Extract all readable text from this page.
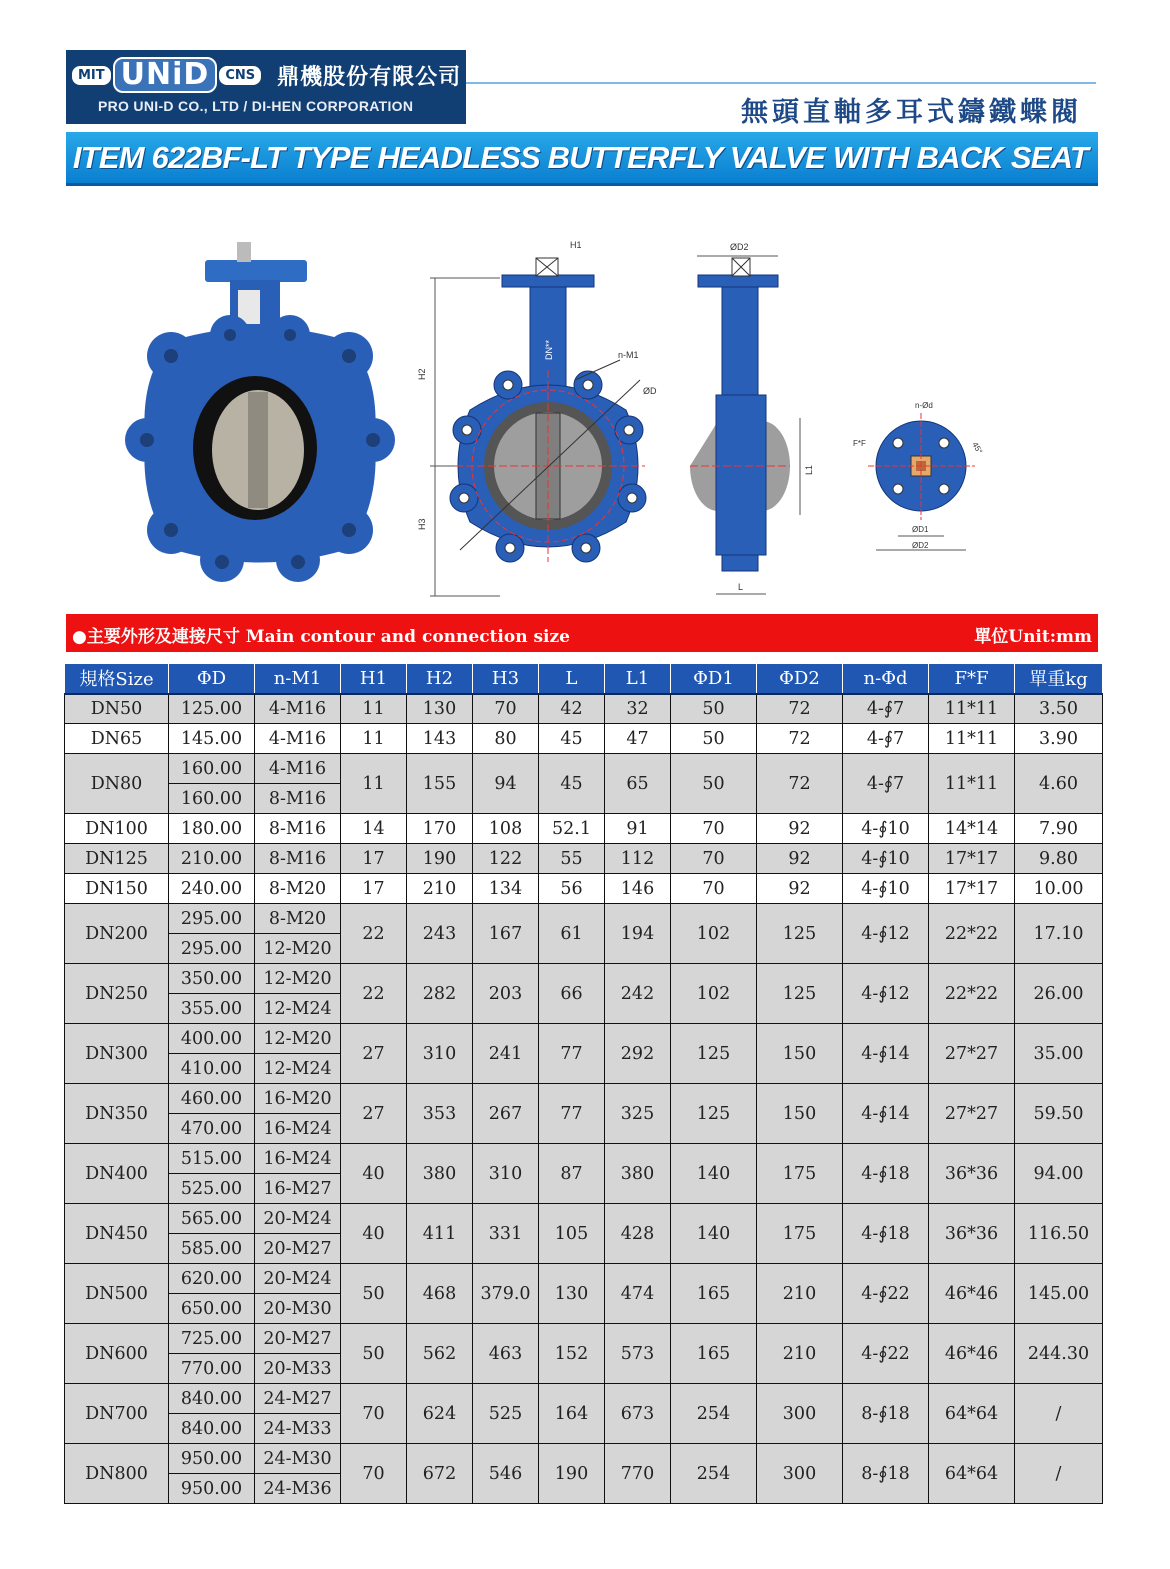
MIT UNiD	CNS 鼎機股份有限公司
PRO UNI-D CO., LTD / DI-HEN CORPORATION	無頭直軸多耳式鑄鐵蝶閥
ITEM 622BF-LT TYPE HEADLESS BUTTERFLY VALVE WITH BACK SEAT
H2
H3
H1
DN**	n-M1
ØD
ØD2
L1
L
n-Ød
F*F	45°
ØD1
ØD2
●主要外形及連接尺寸 Main contour and connection size	單位Unit:mm
規格Size	ΦD	n-M1	H1	H2	H3	L	L1	ΦD1	ΦD2	n-Φd	F*F	單重kg
DN50	125.00	4-M16	11	130	70	42	32	50	72	4-∮7	11*11	3.50
DN65	145.00	4-M16	11	143	80	45	47	50	72	4-∮7	11*11	3.90
DN80	160.00	4-M16	11	155	94	45	65	50	72	4-∮7	11*11	4.60
	160.00	8-M16										
DN100	180.00	8-M16	14	170	108	52.1	91	70	92	4-∮10	14*14	7.90
DN125	210.00	8-M16	17	190	122	55	112	70	92	4-∮10	17*17	9.80
DN150	240.00	8-M20	17	210	134	56	146	70	92	4-∮10	17*17	10.00
DN200	295.00	8-M20	22	243	167	61	194	102	125	4-∮12	22*22	17.10
	295.00	12-M20										
DN250	350.00	12-M20	22	282	203	66	242	102	125	4-∮12	22*22	26.00
	355.00	12-M24										
DN300	400.00	12-M20	27	310	241	77	292	125	150	4-∮14	27*27	35.00
	410.00	12-M24										
DN350	460.00	16-M20	27	353	267	77	325	125	150	4-∮14	27*27	59.50
	470.00	16-M24										
DN400	515.00	16-M24	40	380	310	87	380	140	175	4-∮18	36*36	94.00
	525.00	16-M27										
DN450	565.00	20-M24	40	411	331	105	428	140	175	4-∮18	36*36	116.50
	585.00	20-M27										
DN500	620.00	20-M24	50	468	379.0	130	474	165	210	4-∮22	46*46	145.00
	650.00	20-M30										
DN600	725.00	20-M27	50	562	463	152	573	165	210	4-∮22	46*46	244.30
	770.00	20-M33										
DN700	840.00	24-M27	70	624	525	164	673	254	300	8-∮18	64*64	/
	840.00	24-M33										
DN800	950.00	24-M30	70	672	546	190	770	254	300	8-∮18	64*64	/
	950.00	24-M36										
